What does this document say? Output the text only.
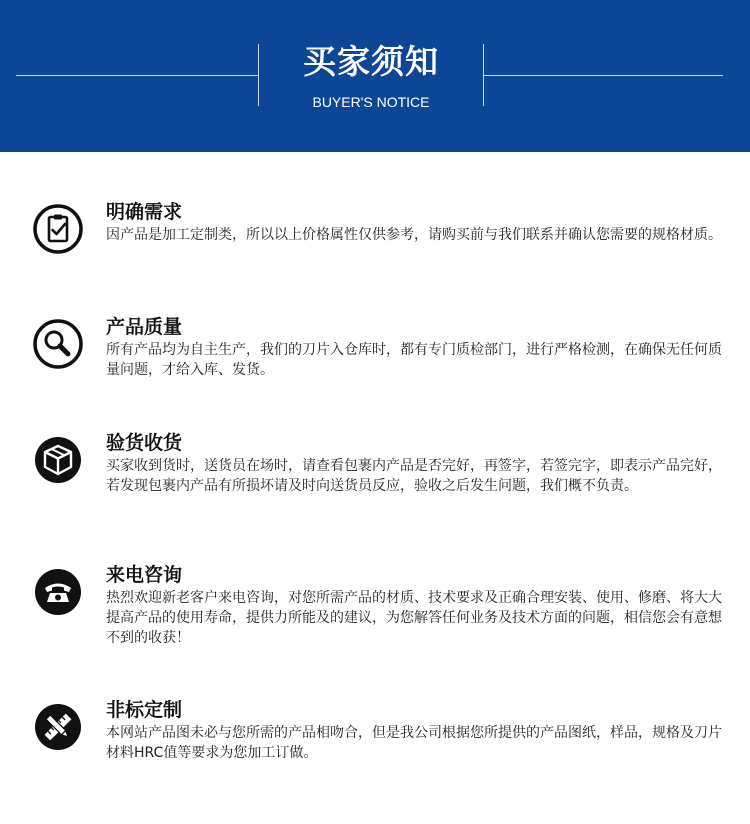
买家须知
BUYER'S NOTICE
明确需求
因产品是加工定制类，所以以上价格属性仅供参考，请购买前与我们联系并确认您需要的规格材质。
产品质量
所有产品均为自主生产，我们的刀片入仓库时，都有专门质检部门，进行严格检测，在确保无任何质量问题，才给入库、发货。
验货收货
买家收到货时，送货员在场时，请查看包裹内产品是否完好，再签字，若签完字，即表示产品完好，若发现包裹内产品有所损坏请及时向送货员反应，验收之后发生问题，我们概不负责。
来电咨询
热烈欢迎新老客户来电咨询，对您所需产品的材质、技术要求及正确合理安装、使用、修磨、将大大提高产品的使用寿命，提供力所能及的建议，为您解答任何业务及技术方面的问题，相信您会有意想不到的收获！
非标定制
本网站产品图未必与您所需的产品相吻合，但是我公司根据您所提供的产品图纸，样品，规格及刀片材料HRC值等要求为您加工订做。
